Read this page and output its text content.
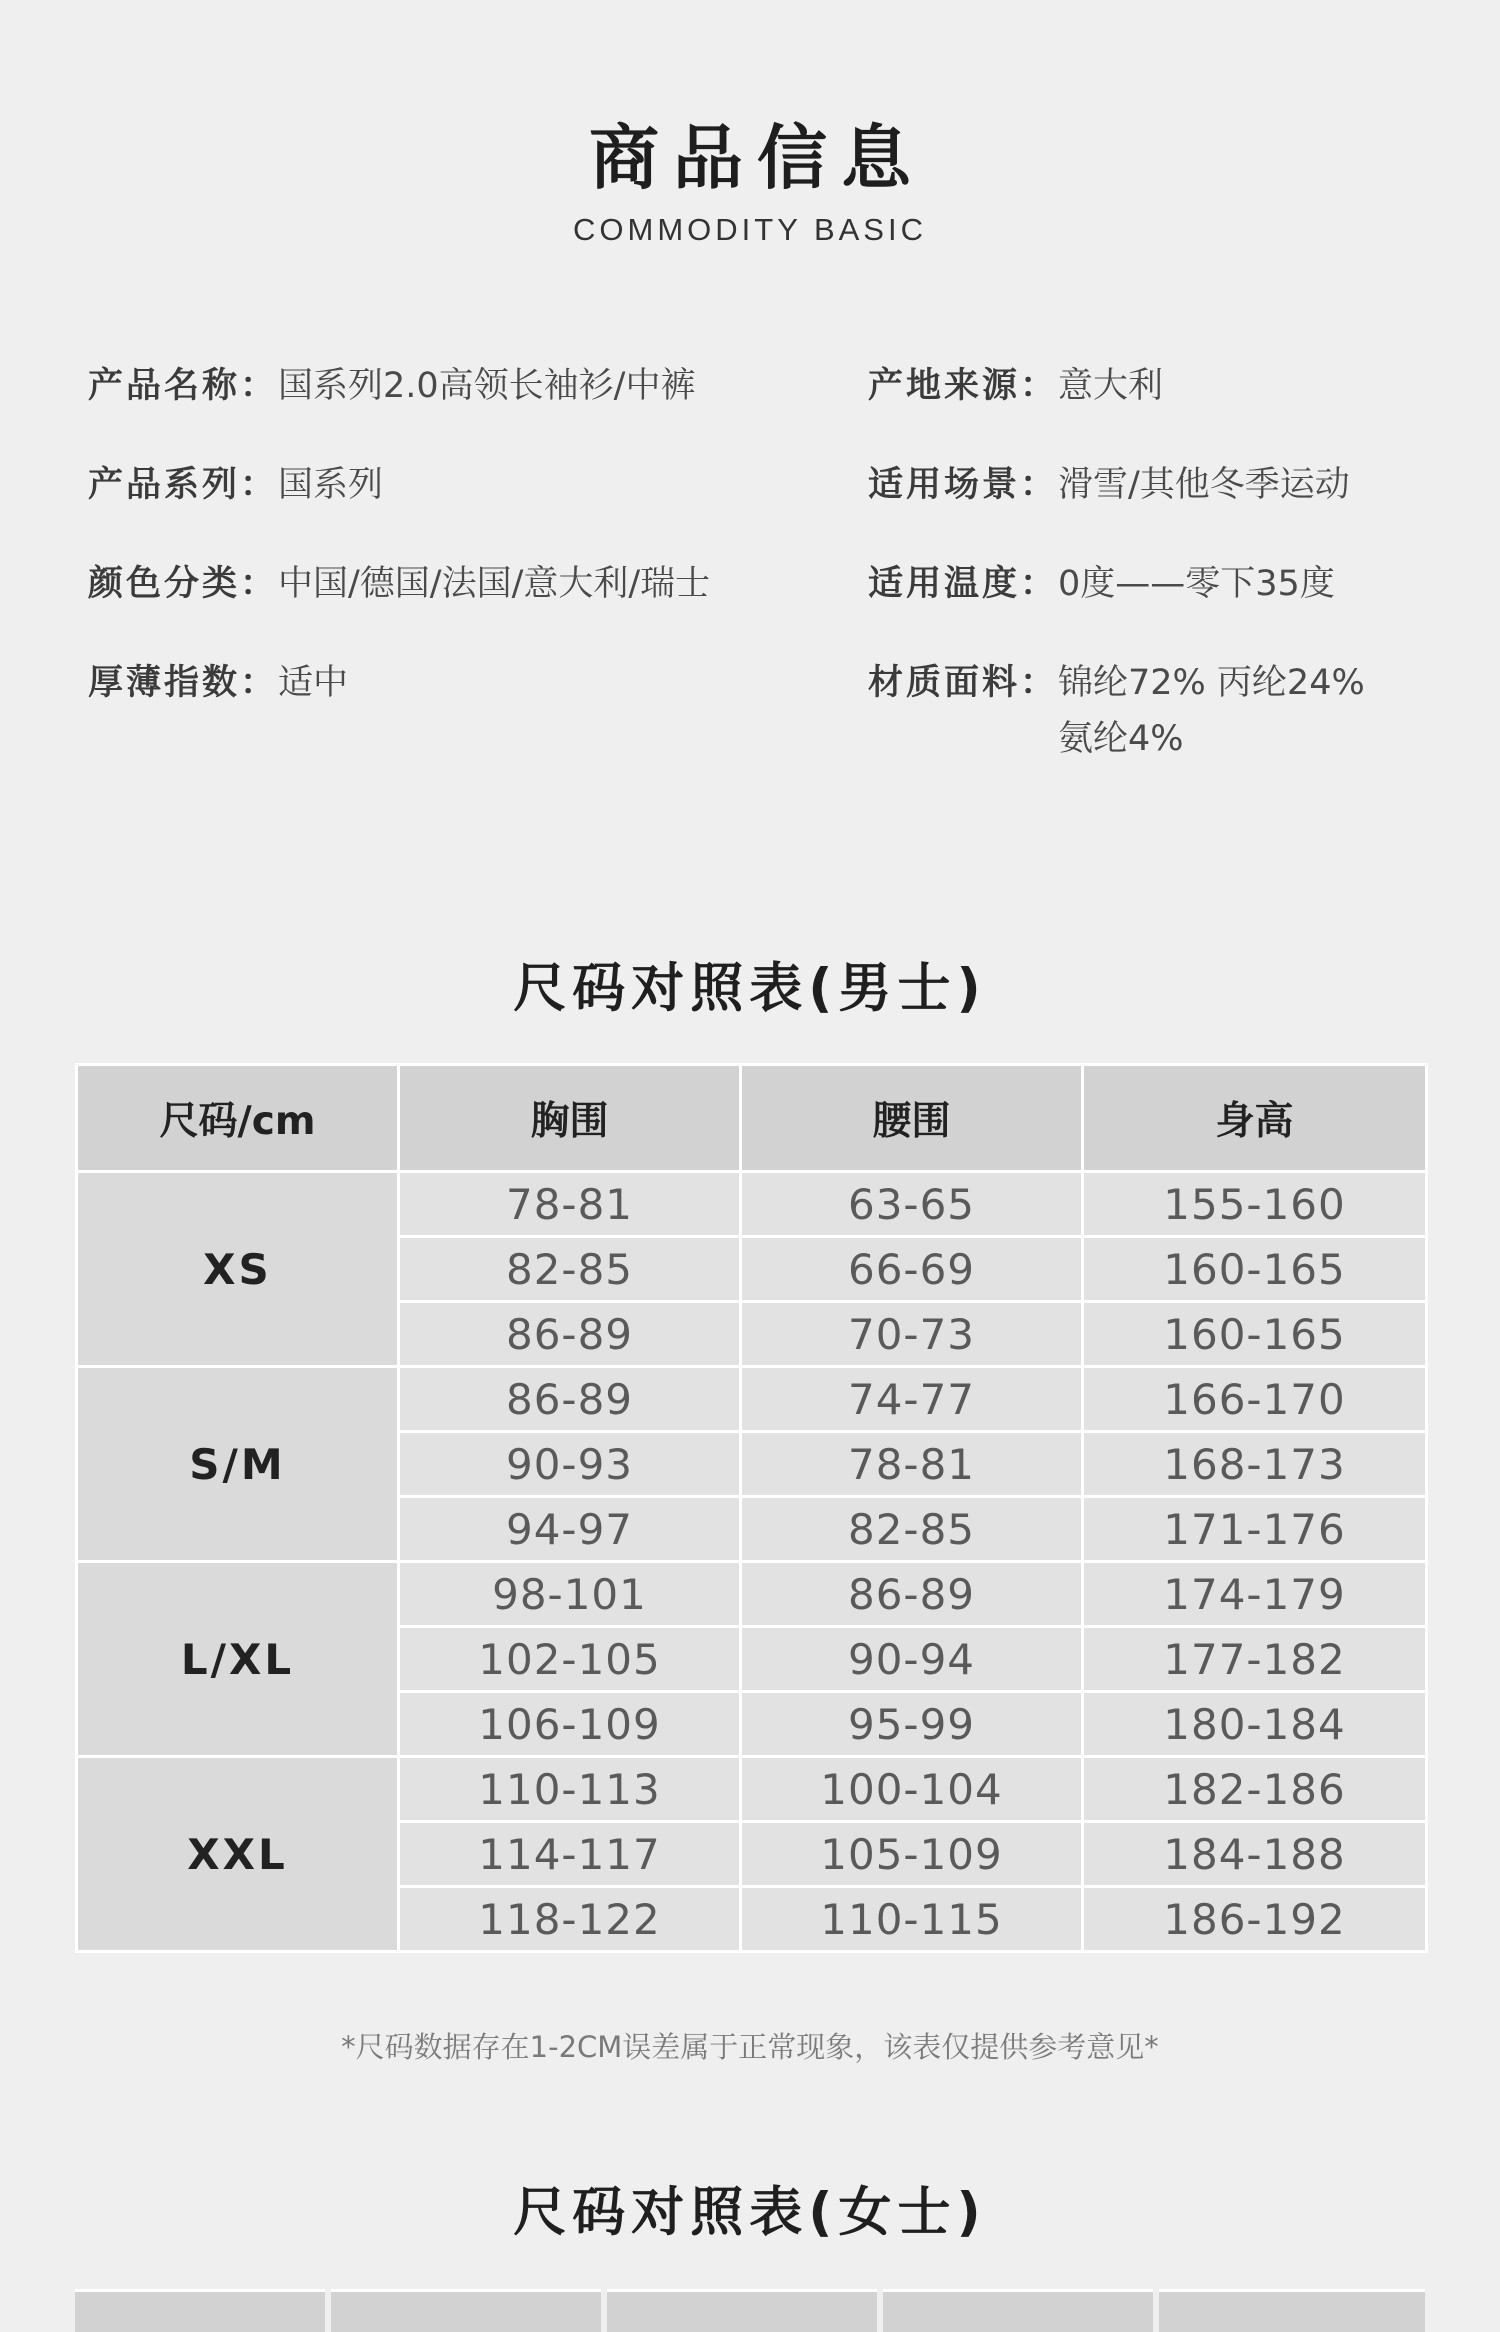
商品信息
COMMODITY BASIC
产品名称： 国系列2.0高领长袖衫/中裤	产地来源： 意大利
产品系列： 国系列	适用场景： 滑雪/其他冬季运动
颜色分类： 中国/德国/法国/意大利/瑞士	适用温度： 0度——零下35度
厚薄指数： 适中	材质面料： 锦纶72% 丙纶24% 氨纶4%
尺码对照表(男士)
尺码/cm	胸围	腰围	身高
XS	78-81	63-65	155-160
	82-85	66-69	160-165
	86-89	70-73	160-165
S/M	86-89	74-77	166-170
	90-93	78-81	168-173
	94-97	82-85	171-176
L/XL	98-101	86-89	174-179
	102-105	90-94	177-182
	106-109	95-99	180-184
XXL	110-113	100-104	182-186
	114-117	105-109	184-188
	118-122	110-115	186-192
*尺码数据存在1-2CM误差属于正常现象，该表仅提供参考意见*
尺码对照表(女士)
